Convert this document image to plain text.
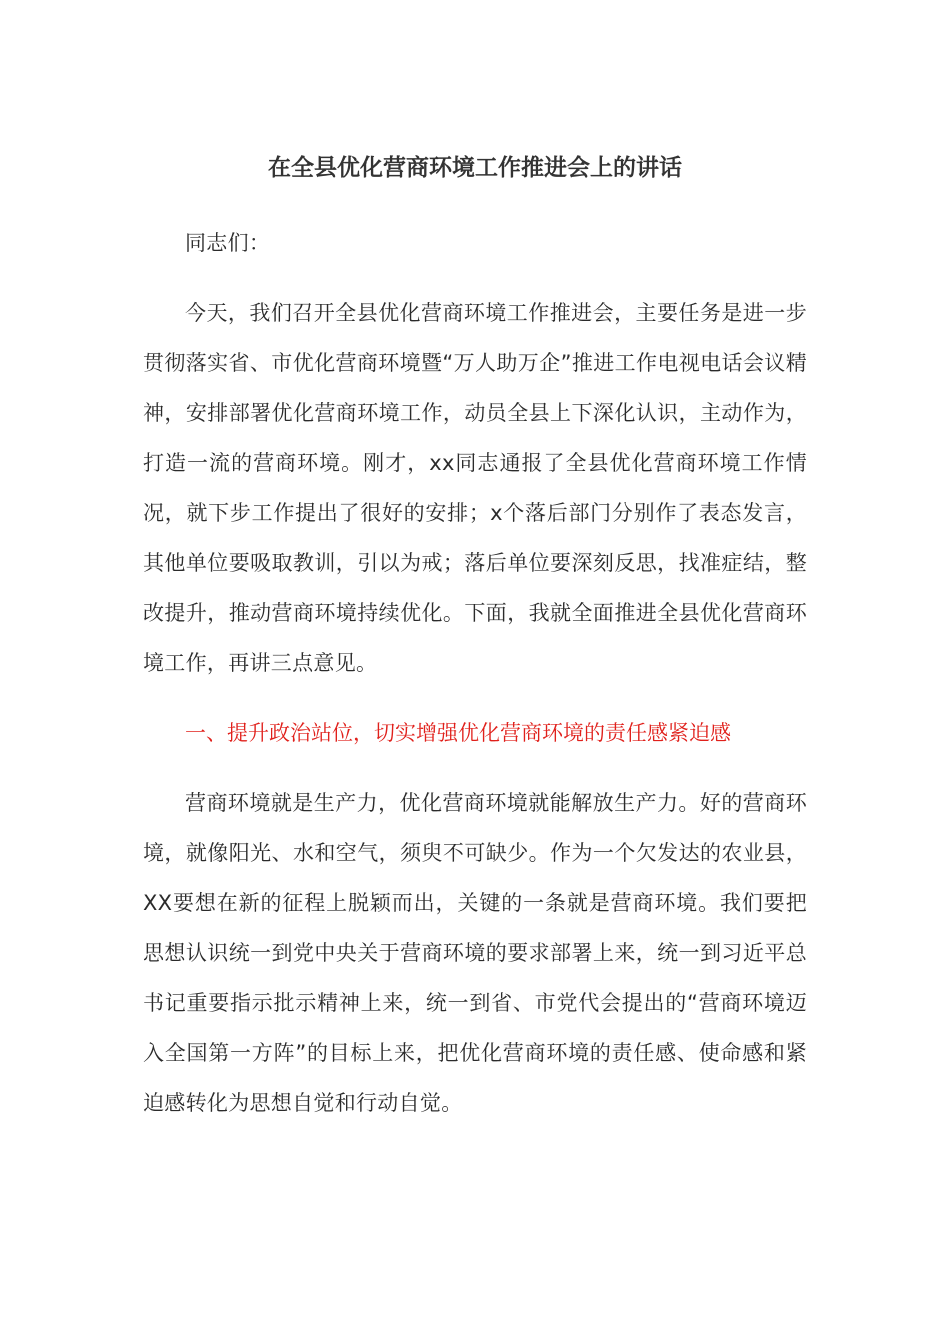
在全县优化营商环境工作推进会上的讲话

同志们：

今天，我们召开全县优化营商环境工作推进会，主要任务是进一步贯彻落实省、市优化营商环境暨“万人助万企”推进工作电视电话会议精神，安排部署优化营商环境工作，动员全县上下深化认识，主动作为，打造一流的营商环境。刚才，xx同志通报了全县优化营商环境工作情况，就下步工作提出了很好的安排；x个落后部门分别作了表态发言，其他单位要吸取教训，引以为戒；落后单位要深刻反思，找准症结，整改提升，推动营商环境持续优化。下面，我就全面推进全县优化营商环境工作，再讲三点意见。

一、提升政治站位，切实增强优化营商环境的责任感紧迫感

营商环境就是生产力，优化营商环境就能解放生产力。好的营商环境，就像阳光、水和空气，须臾不可缺少。作为一个欠发达的农业县，XX要想在新的征程上脱颖而出，关键的一条就是营商环境。我们要把思想认识统一到党中央关于营商环境的要求部署上来，统一到习近平总书记重要指示批示精神上来，统一到省、市党代会提出的“营商环境迈入全国第一方阵”的目标上来，把优化营商环境的责任感、使命感和紧迫感转化为思想自觉和行动自觉。
